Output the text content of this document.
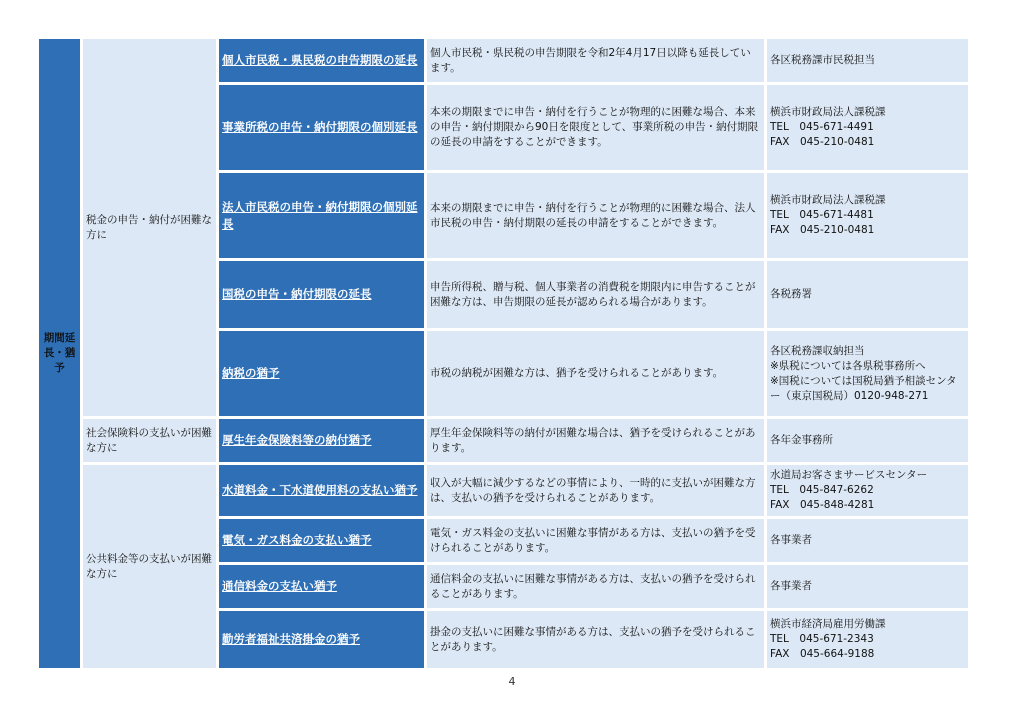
期間延長・猶予	税金の申告・納付が困難な方に	個人市民税・県民税の申告期限の延長	個人市民税・県民税の申告期限を令和2年4月17日以降も延長しています。	各区税務課市民税担当

		事業所税の申告・納付期限の個別延長	本来の期限までに申告・納付を行うことが物理的に困難な場合、本来の申告・納付期限から90日を限度として、事業所税の申告・納付期限の延長の申請をすることができます。	横浜市財政局法人課税課
TEL　045-671-4491
FAX　045-210-0481

		法人市民税の申告・納付期限の個別延長	本来の期限までに申告・納付を行うことが物理的に困難な場合、法人市民税の申告・納付期限の延長の申請をすることができます。	横浜市財政局法人課税課
TEL　045-671-4481
FAX　045-210-0481

		国税の申告・納付期限の延長	申告所得税、贈与税、個人事業者の消費税を期限内に申告することが困難な方は、申告期限の延長が認められる場合があります。	各税務署

		納税の猶予	市税の納税が困難な方は、猶予を受けられることがあります。	各区税務課収納担当
※県税については各県税事務所へ
※国税については国税局猶予相談センター（東京国税局）0120-948-271

	社会保険料の支払いが困難な方に	厚生年金保険料等の納付猶予	厚生年金保険料等の納付が困難な場合は、猶予を受けられることがあります。	各年金事務所

	公共料金等の支払いが困難な方に	水道料金・下水道使用料の支払い猶予	収入が大幅に減少するなどの事情により、一時的に支払いが困難な方は、支払いの猶予を受けられることがあります。	水道局お客さまサービスセンター
TEL　045-847-6262
FAX　045-848-4281

		電気・ガス料金の支払い猶予	電気・ガス料金の支払いに困難な事情がある方は、支払いの猶予を受けられることがあります。	各事業者

		通信料金の支払い猶予	通信料金の支払いに困難な事情がある方は、支払いの猶予を受けられることがあります。	各事業者

		勤労者福祉共済掛金の猶予	掛金の支払いに困難な事情がある方は、支払いの猶予を受けられることがあります。	横浜市経済局雇用労働課
TEL　045-671-2343
FAX　045-664-9188
4
